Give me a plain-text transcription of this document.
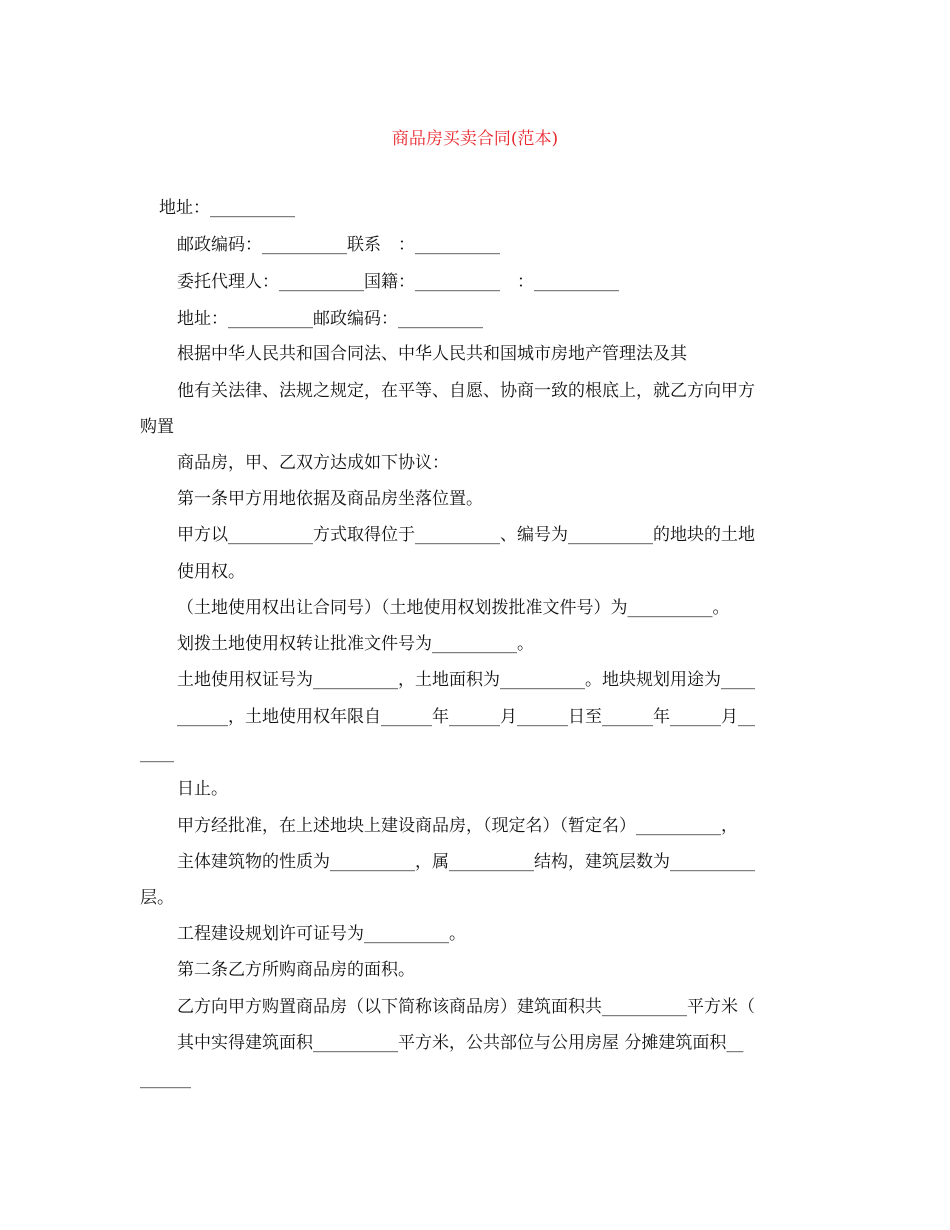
商品房买卖合同(范本)
地址：__________
邮政编码：__________联系　：__________
委托代理人：__________国籍：__________　：__________
地址：__________邮政编码：__________
根据中华人民共和国合同法、中华人民共和国城市房地产管理法及其
他有关法律、法规之规定，在平等、自愿、协商一致的根底上，就乙方向甲方
购置
商品房，甲、乙双方达成如下协议：
第一条甲方用地依据及商品房坐落位置。
甲方以__________方式取得位于__________、编号为__________的地块的土地
使用权。
（土地使用权出让合同号）（土地使用权划拨批准文件号）为__________。
划拨土地使用权转让批准文件号为__________。
土地使用权证号为__________，土地面积为__________。地块规划用途为____
______，土地使用权年限自______年______月______日至______年______月__
____
日止。
甲方经批准，在上述地块上建设商品房，（现定名）（暂定名）__________，
主体建筑物的性质为__________，属__________结构，建筑层数为__________
层。
工程建设规划许可证号为__________。
第二条乙方所购商品房的面积。
乙方向甲方购置商品房（以下简称该商品房）建筑面积共__________平方米（
其中实得建筑面积__________平方米，公共部位与公用房屋 分摊建筑面积__
______
